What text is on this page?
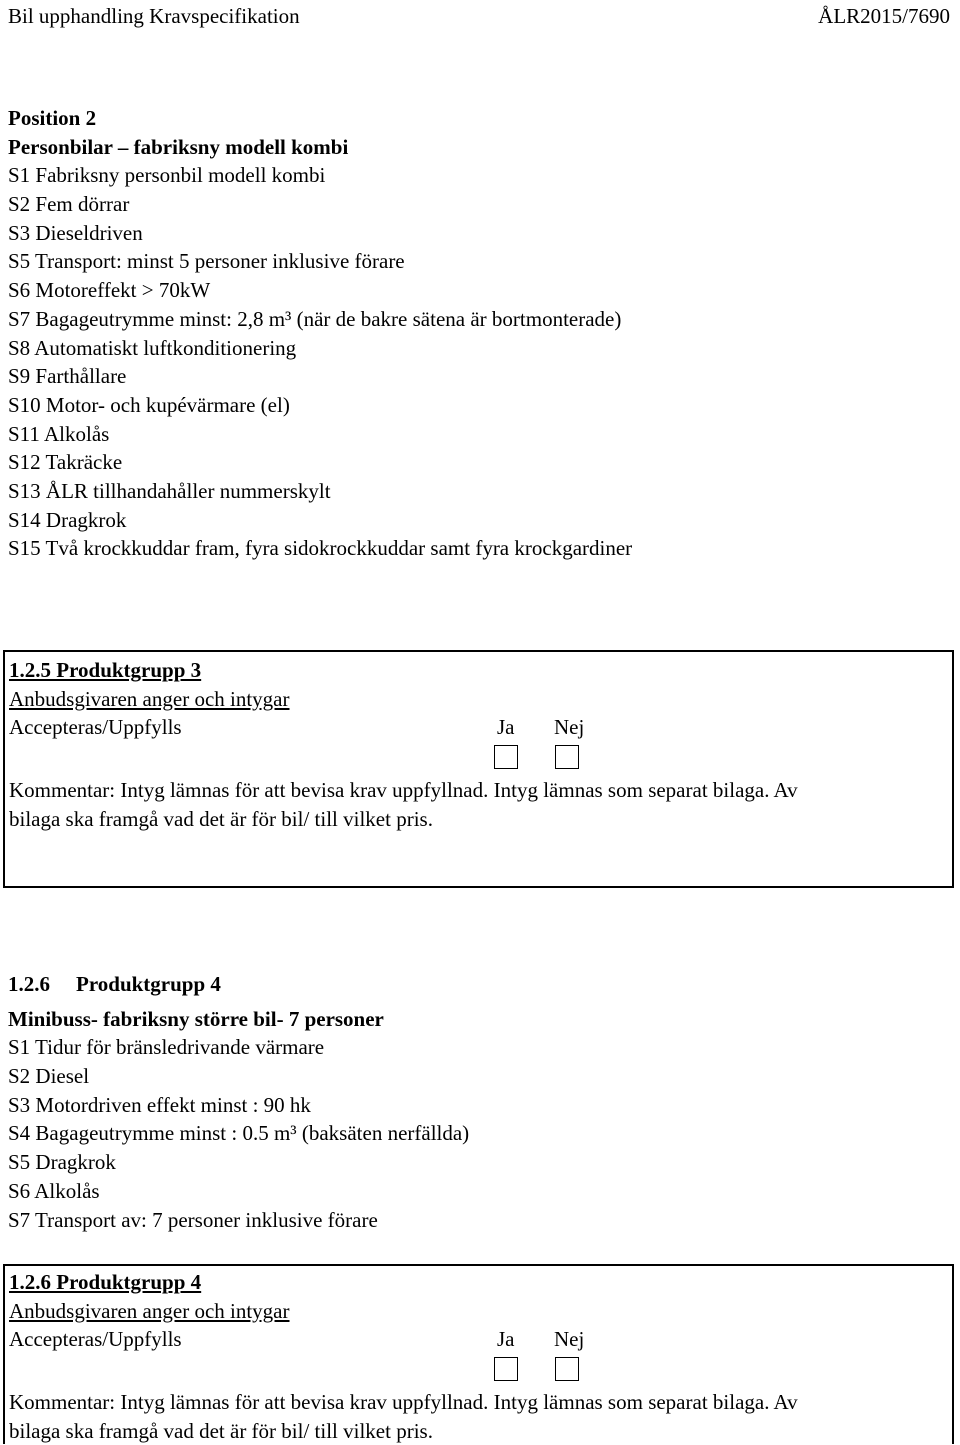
Bil upphandling Kravspecifikation	ÅLR2015/7690
Position 2
Personbilar – fabriksny modell kombi
S1 Fabriksny personbil modell kombi
S2 Fem dörrar
S3 Dieseldriven
S5 Transport: minst 5 personer inklusive förare
S6 Motoreffekt > 70kW
S7 Bagageutrymme minst: 2,8 m³ (när de bakre sätena är bortmonterade)
S8 Automatiskt luftkonditionering
S9 Farthållare
S10 Motor- och kupévärmare (el)
S11 Alkolås
S12 Takräcke
S13 ÅLR tillhandahåller nummerskylt
S14 Dragkrok
S15 Två krockkuddar fram, fyra sidokrockkuddar samt fyra krockgardiner
1.2.5 Produktgrupp 3
Anbudsgivaren anger och intygar
Accepteras/Uppfylls	Ja Nej
Kommentar: Intyg lämnas för att bevisa krav uppfyllnad. Intyg lämnas som separat bilaga. Av
bilaga ska framgå vad det är för bil/ till vilket pris.
1.2.6 Produktgrupp 4
Minibuss- fabriksny större bil- 7 personer
S1 Tidur för bränsledrivande värmare
S2 Diesel
S3 Motordriven effekt minst : 90 hk
S4 Bagageutrymme minst : 0.5 m³ (baksäten nerfällda)
S5 Dragkrok
S6 Alkolås
S7 Transport av: 7 personer inklusive förare
1.2.6 Produktgrupp 4
Anbudsgivaren anger och intygar
Accepteras/Uppfylls	Ja Nej
Kommentar: Intyg lämnas för att bevisa krav uppfyllnad. Intyg lämnas som separat bilaga. Av
bilaga ska framgå vad det är för bil/ till vilket pris.
